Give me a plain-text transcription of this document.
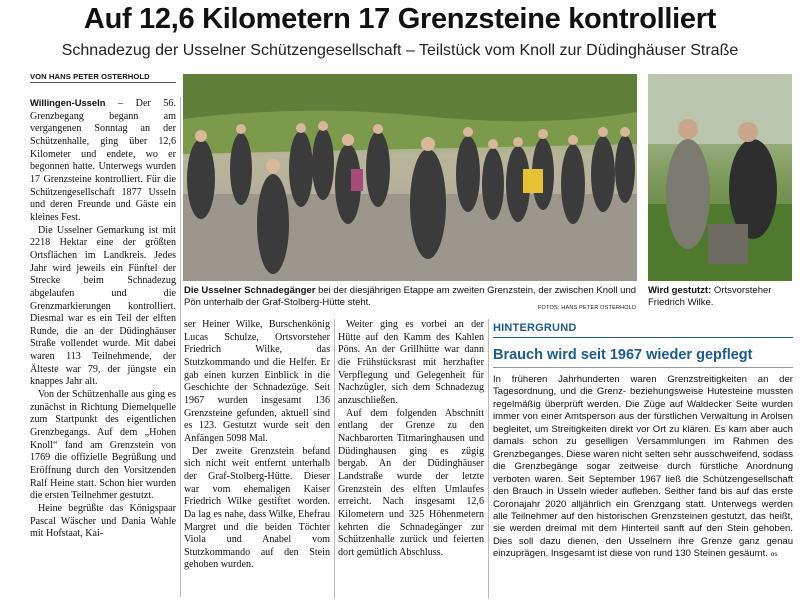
Auf 12,6 Kilometern 17 Grenzsteine kontrolliert
Schnadezug der Usselner Schützengesellschaft – Teilstück vom Knoll zur Düdinghäuser Straße
VON HANS PETER OSTERHOLD

Willingen-Usseln – Der 56. Grenzbegang begann am vergangenen Sonntag an der Schützenhalle, ging über 12,6 Kilometer und endete, wo er begonnen hatte. Unterwegs wurden 17 Grenzsteine kontrolliert. Für die Schützengesellschaft 1877 Usseln und deren Freunde und Gäste ein kleines Fest.

Die Usselner Gemarkung ist mit 2218 Hektar eine der größten Ortsflächen im Landkreis. Jedes Jahr wird jeweils ein Fünftel der Strecke beim Schnadezug abgelaufen und die Grenzmarkierungen kontrolliert. Diesmal war es ein Teil der elften Runde, die an der Düdinghäuser Straße vollendet wurde. Mit dabei waren 113 Teilnehmende, der Älteste war 79, der jüngste ein knappes Jahr alt.

Von der Schützenhalle aus ging es zunächst in Richtung Diemelquelle zum Startpunkt des eigentlichen Grenzbegangs. Auf dem „Hohen Knoll“ fand am Grenzstein von 1769 die offizielle Begrüßung und Eröffnung durch den Vorsitzenden Ralf Heine statt. Schon hier wurden die ersten Teilnehmer gestutzt.

Heine begrüßte das Königspaar Pascal Wäscher und Dania Wahle mit Hofstaat, Kai-

Die Usselner Schnadegänger bei der diesjährigen Etappe am zweiten Grenzstein, der zwischen Knoll und Pön unterhalb der Graf-Stolberg-Hütte steht.
FOTOS: HANS PETER OSTERHOLD
Wird gestutzt: Ortsvorsteher Friedrich Wilke.

ser Heiner Wilke, Burschenkönig Lucas Schulze, Ortsvorsteher Friedrich Wilke, das Stutzkommando und die Helfer. Er gab einen kurzen Einblick in die Geschichte der Schnadezüge. Seit 1967 wurden insgesamt 136 Grenzsteine gefunden, aktuell sind es 123. Gestutzt wurde seit den Anfängen 5098 Mal.

Der zweite Grenzstein befand sich nicht weit entfernt unterhalb der Graf-Stolberg-Hütte. Dieser war vom ehemaligen Kaiser Friedrich Wilke gestiftet worden. Da lag es nahe, dass Wilke, Ehefrau Margret und die beiden Töchter Viola und Anabel vom Stutzkommando auf den Stein gehoben wurden.

Weiter ging es vorbei an der Hütte auf den Kamm des Kahlen Pöns. An der Grillhütte war dann die Frühstücksrast mit herzhafter Verpflegung und Gelegenheit für Nachzügler, sich dem Schnadezug anzuschließen.

Auf dem folgenden Abschnitt entlang der Grenze zu den Nachbarorten Titmaringhausen und Düdinghausen ging es zügig bergab. An der Düdinghäuser Landstraße wurde der letzte Grenzstein des elften Umlaufes erreicht. Nach insgesamt 12,6 Kilometern und 325 Höhenmetern kehrten die Schnadegänger zur Schützenhalle zurück und feierten dort gemütlich Abschluss.

HINTERGRUND
Brauch wird seit 1967 wieder gepflegt
In früheren Jahrhunderten waren Grenzstreitigkeiten an der Tagesordnung, und die Grenz- beziehungsweise Hutesteine mussten regelmäßig überprüft werden. Die Züge auf Waldecker Seite wurden immer von einer Amtsperson aus der fürstlichen Verwaltung in Arolsen begleitet, um Streitigkeiten direkt vor Ort zu klären. Es kam aber auch damals schon zu geselligen Versammlungen im Rahmen des Grenzbeganges. Diese waren nicht selten sehr ausschweifend, sodass die Grenzbegänge sogar zeitweise durch fürstliche Anordnung verboten waren. Seit September 1967 ließ die Schützengesellschaft den Brauch in Usseln wieder aufleben. Seither fand bis auf das erste Coronajahr 2020 alljährlich ein Grenzgang statt. Unterwegs werden alle Teilnehmer auf den historischen Grenzsteinen gestutzt, das heißt, sie werden dreimal mit dem Hinterteil sanft auf den Stein gehoben. Dies soll dazu dienen, den Usselnern ihre Grenze ganz genau einzuprägen. Insgesamt ist diese von rund 130 Steinen gesäumt. os
